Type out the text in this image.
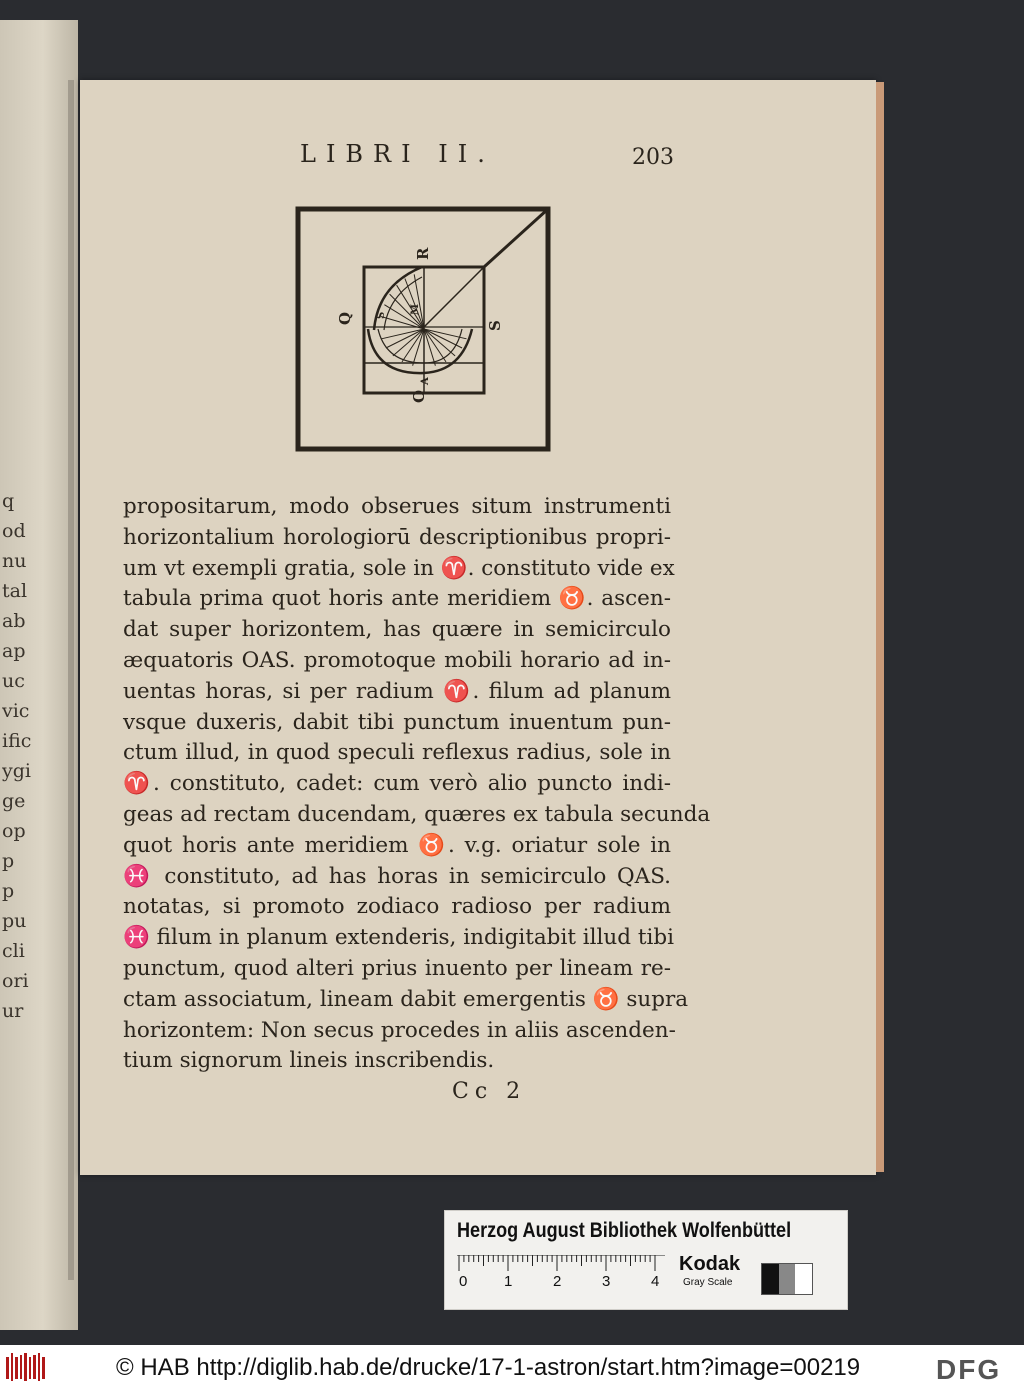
q
od
nu
tal
ab
ap
uc
vic
ific
ygi
ge
op
p
p
pu
cli
ori
ur
LIBRI II.	203
R
Q S
M
S
A
O
propositarum, modo obserues situm instrumenti
horizontalium horologiorū descriptionibus propri-
um vt exempli gratia, sole in ♈. constituto vide ex
tabula prima quot horis ante meridiem ♉. ascen-
dat super horizontem, has quære in semicirculo
æquatoris OAS. promotoque mobili horario ad in-
uentas horas, si per radium ♈. filum ad planum
vsque duxeris, dabit tibi punctum inuentum pun-
ctum illud, in quod speculi reflexus radius, sole in
♈. constituto, cadet: cum verò alio puncto indi-
geas ad rectam ducendam, quæres ex tabula secunda
quot horis ante meridiem ♉. v.g. oriatur sole in
♓ constituto, ad has horas in semicirculo QAS.
notatas, si promoto zodiaco radioso per radium
♓ filum in planum extenderis, indigitabit illud tibi
punctum, quod alteri prius inuento per lineam re-
ctam associatum, lineam dabit emergentis ♉ supra
horizontem: Non secus procedes in aliis ascenden-
tium signorum lineis inscribendis.
Cc 2
Herzog August Bibliothek Wolfenbüttel
0 1	2	3	4
Kodak
Gray Scale
© HAB http://diglib.hab.de/drucke/17-1-astron/start.htm?image=00219	DFG
